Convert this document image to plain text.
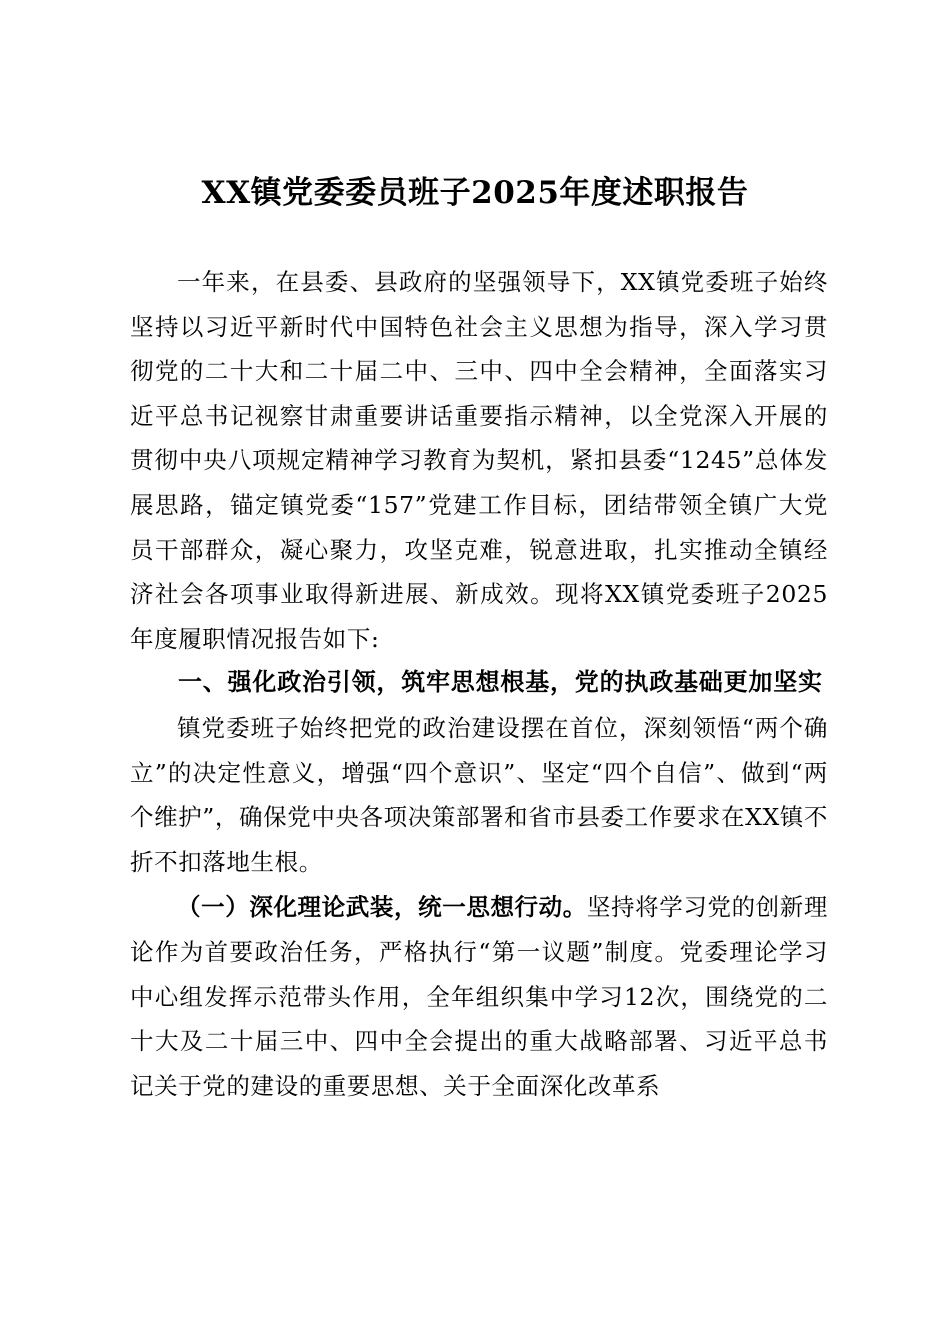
XX镇党委委员班子2025年度述职报告

一年来，在县委、县政府的坚强领导下，XX镇党委班子始终坚持以习近平新时代中国特色社会主义思想为指导，深入学习贯彻党的二十大和二十届二中、三中、四中全会精神，全面落实习近平总书记视察甘肃重要讲话重要指示精神，以全党深入开展的贯彻中央八项规定精神学习教育为契机，紧扣县委“1245”总体发展思路，锚定镇党委“157”党建工作目标，团结带领全镇广大党员干部群众，凝心聚力，攻坚克难，锐意进取，扎实推动全镇经济社会各项事业取得新进展、新成效。现将XX镇党委班子2025年度履职情况报告如下:

一、强化政治引领，筑牢思想根基，党的执政基础更加坚实

镇党委班子始终把党的政治建设摆在首位，深刻领悟“两个确立”的决定性意义，增强“四个意识”、坚定“四个自信”、做到“两个维护”，确保党中央各项决策部署和省市县委工作要求在XX镇不折不扣落地生根。

（一）深化理论武装，统一思想行动。坚持将学习党的创新理论作为首要政治任务，严格执行“第一议题”制度。党委理论学习中心组发挥示范带头作用，全年组织集中学习12次，围绕党的二十大及二十届三中、四中全会提出的重大战略部署、习近平总书记关于党的建设的重要思想、关于全面深化改革系
